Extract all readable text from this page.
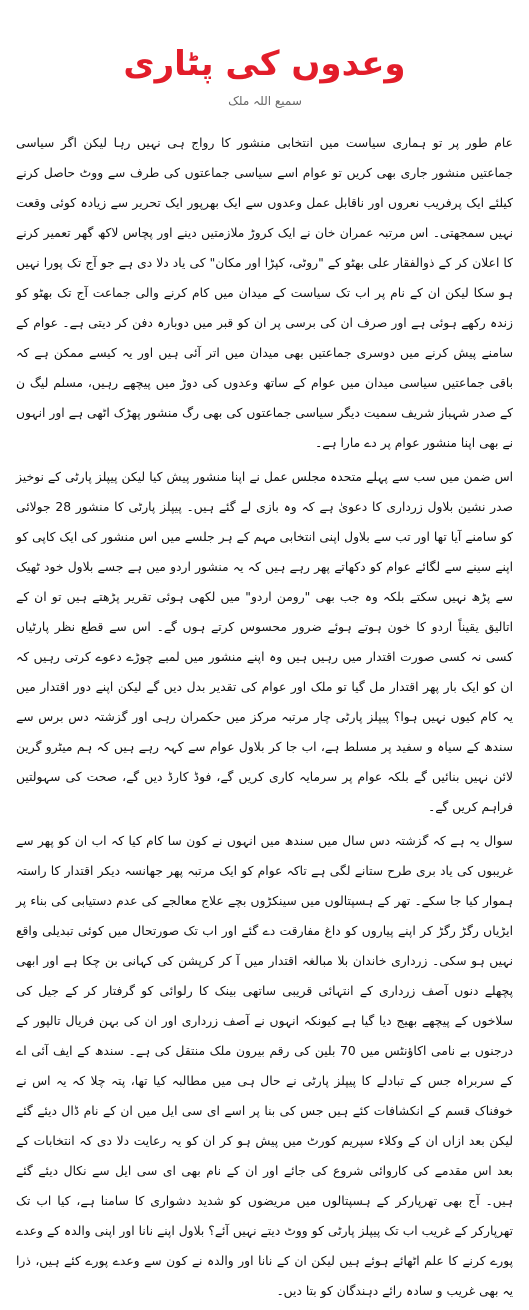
وعدوں کی پٹاری
سمیع اللہ ملک

عام طور پر تو ہماری سیاست میں انتخابی منشور کا رواج ہی نہیں رہا لیکن اگر سیاسی جماعتیں منشور جاری بھی کریں تو عوام اسے سیاسی جماعتوں کی طرف سے ووٹ حاصل کرنے کیلئے ایک پرفریب نعروں اور ناقابل عمل وعدوں سے ایک بھرپور ایک تحریر سے زیادہ کوئی وقعت نہیں سمجھتی۔ اس مرتبہ عمران خان نے ایک کروڑ ملازمتیں دینے اور پچاس لاکھ گھر تعمیر کرنے کا اعلان کر کے ذوالفقار علی بھٹو کے "روٹی، کپڑا اور مکان" کی یاد دلا دی ہے جو آج تک پورا نہیں ہو سکا لیکن ان کے نام پر اب تک سیاست کے میدان میں کام کرنے والی جماعت آج تک بھٹو کو زندہ رکھے ہوئی ہے اور صرف ان کی برسی پر ان کو قبر میں دوبارہ دفن کر دیتی ہے۔ عوام کے سامنے پیش کرنے میں دوسری جماعتیں بھی میدان میں اتر آئی ہیں اور یہ کیسے ممکن ہے کہ باقی جماعتیں سیاسی میدان میں عوام کے ساتھ وعدوں کی دوڑ میں پیچھے رہیں، مسلم لیگ ن کے صدر شہباز شریف سمیت دیگر سیاسی جماعتوں کی بھی رگ منشور پھڑک اٹھی ہے اور انہوں نے بھی اپنا منشور عوام پر دے مارا ہے۔

اس ضمن میں سب سے پہلے متحدہ مجلس عمل نے اپنا منشور پیش کیا لیکن پیپلز پارٹی کے نوخیز صدر نشین بلاول زرداری کا دعویٰ ہے کہ وہ بازی لے گئے ہیں۔ پیپلز پارٹی کا منشور 28 جولائی کو سامنے آیا تھا اور تب سے بلاول اپنی انتخابی مہم کے ہر جلسے میں اس منشور کی ایک کاپی کو اپنے سینے سے لگائے عوام کو دکھاتے پھر رہے ہیں کہ یہ منشور اردو میں ہے جسے بلاول خود ٹھیک سے پڑھ نہیں سکتے بلکہ وہ جب بھی "رومن اردو" میں لکھی ہوئی تقریر پڑھتے ہیں تو ان کے اتالیق یقیناً اردو کا خون ہوتے ہوئے ضرور محسوس کرتے ہوں گے۔ اس سے قطع نظر پارٹیاں کسی نہ کسی صورت اقتدار میں رہیں ہیں وہ اپنے منشور میں لمبے چوڑے دعوے کرتی رہیں کہ ان کو ایک بار پھر اقتدار مل گیا تو ملک اور عوام کی تقدیر بدل دیں گے لیکن اپنے دور اقتدار میں یہ کام کیوں نہیں ہوا؟ پیپلز پارٹی چار مرتبہ مرکز میں حکمران رہی اور گزشتہ دس برس سے سندھ کے سیاہ و سفید پر مسلط ہے، اب جا کر بلاول عوام سے کہہ رہے ہیں کہ ہم میٹرو گرین لائن نہیں بنائیں گے بلکہ عوام پر سرمایہ کاری کریں گے، فوڈ کارڈ دیں گے، صحت کی سہولتیں فراہم کریں گے۔

سوال یہ ہے کہ گزشتہ دس سال میں سندھ میں انہوں نے کون سا کام کیا کہ اب ان کو پھر سے غریبوں کی یاد بری طرح ستانے لگی ہے تاکہ عوام کو ایک مرتبہ پھر جھانسہ دیکر اقتدار کا راستہ ہموار کیا جا سکے۔ تھر کے ہسپتالوں میں سینکڑوں بچے علاج معالجے کی عدم دستیابی کی بناء پر ایڑیاں رگڑ رگڑ کر اپنے پیاروں کو داغ مفارقت دے گئے اور اب تک صورتحال میں کوئی تبدیلی واقع نہیں ہو سکی۔ زرداری خاندان بلا مبالغہ اقتدار میں آ کر کرپشن کی کہانی بن چکا ہے اور ابھی پچھلے دنوں آصف زرداری کے انتہائی قریبی ساتھی بینک کا رلوائی کو گرفتار کر کے جیل کی سلاخوں کے پیچھے بھیج دیا گیا ہے کیونکہ انہوں نے آصف زرداری اور ان کی بہن فریال تالپور کے درجنوں بے نامی اکاؤنٹس میں 70 بلین کی رقم بیرون ملک منتقل کی ہے۔ سندھ کے ایف آئی اے کے سربراہ جس کے تبادلے کا پیپلز پارٹی نے حال ہی میں مطالبہ کیا تھا، پتہ چلا کہ یہ اس نے خوفناک قسم کے انکشافات کئے ہیں جس کی بنا پر اسے ای سی ایل میں ان کے نام ڈال دیئے گئے لیکن بعد ازاں ان کے وکلاء سپریم کورٹ میں پیش ہو کر ان کو یہ رعایت دلا دی کہ انتخابات کے بعد اس مقدمے کی کاروائی شروع کی جائے اور ان کے نام بھی ای سی ایل سے نکال دیئے گئے ہیں۔ آج بھی تھرپارکر کے ہسپتالوں میں مریضوں کو شدید دشواری کا سامنا ہے، کیا اب تک تھرپارکر کے غریب اب تک پیپلز پارٹی کو ووٹ دیتے نہیں آئے؟ بلاول اپنے نانا اور اپنی والدہ کے وعدے پورے کرنے کا علم اٹھائے ہوئے ہیں لیکن ان کے نانا اور والدہ نے کون سے وعدے پورے کئے ہیں، ذرا یہ بھی غریب و سادہ رائے دہندگان کو بتا دیں۔
